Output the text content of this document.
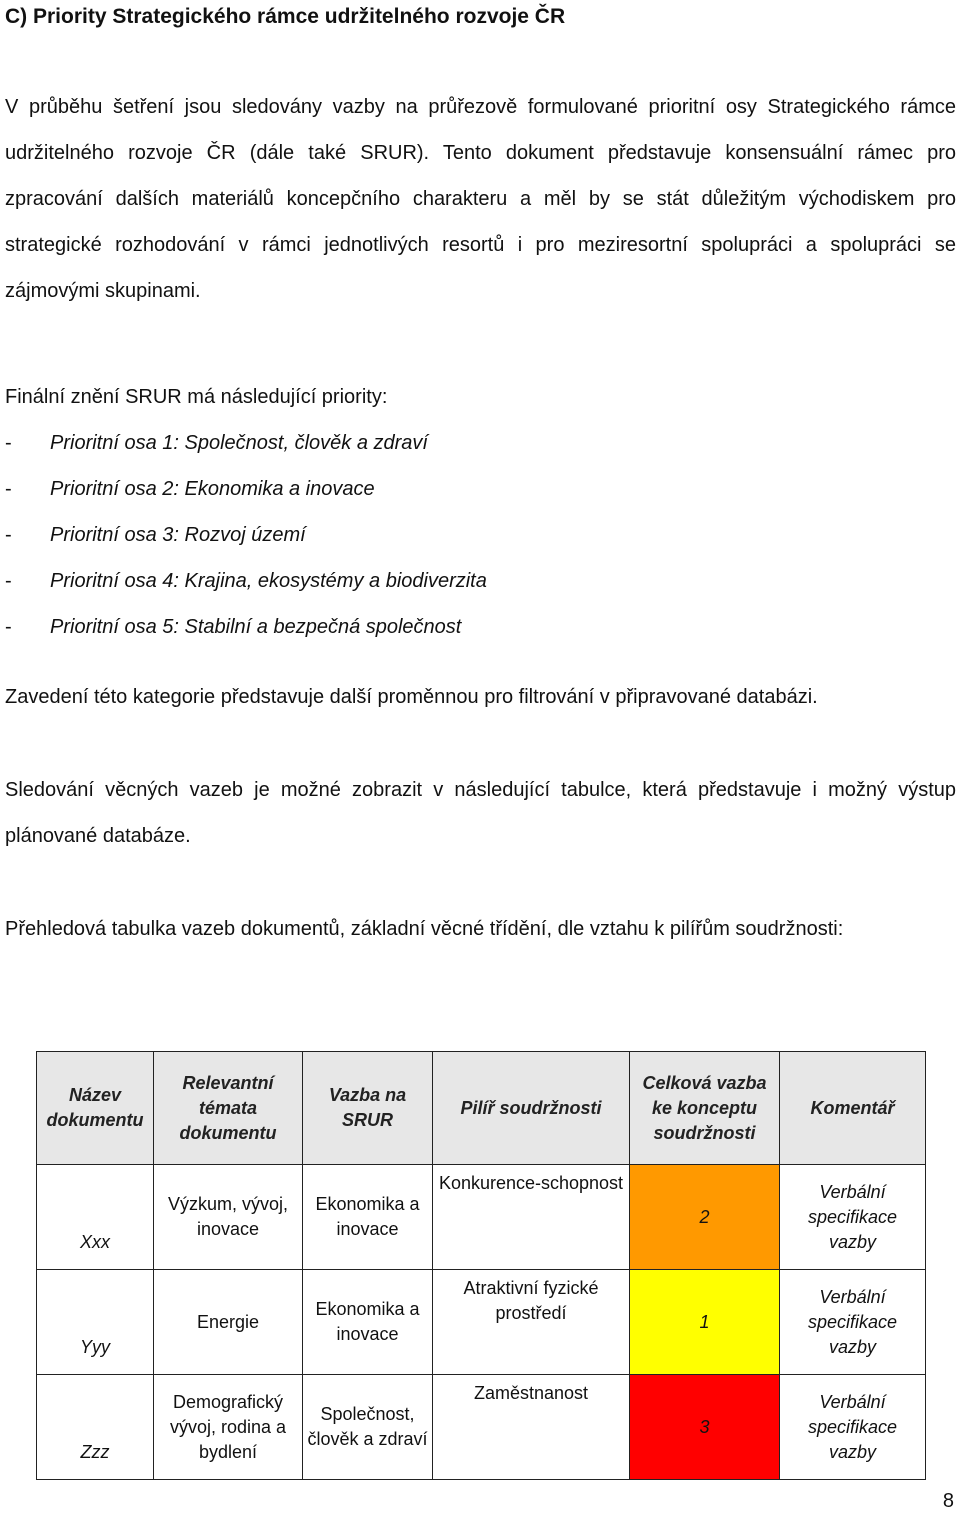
C) Priority Strategického rámce udržitelného rozvoje ČR

V průběhu šetření jsou sledovány vazby na průřezově formulované prioritní osy Strategického rámce udržitelného rozvoje ČR (dále také SRUR). Tento dokument představuje konsensuální rámec pro zpracování dalších materiálů koncepčního charakteru a měl by se stát důležitým východiskem pro strategické rozhodování v rámci jednotlivých resortů i pro meziresortní spolupráci a spolupráci se zájmovými skupinami.

Finální znění SRUR má následující priority:

- Prioritní osa 1: Společnost, člověk a zdraví
- Prioritní osa 2: Ekonomika a inovace
- Prioritní osa 3: Rozvoj území
- Prioritní osa 4: Krajina, ekosystémy a biodiverzita
- Prioritní osa 5: Stabilní a bezpečná společnost

Zavedení této kategorie představuje další proměnnou pro filtrování v připravované databázi.

Sledování věcných vazeb je možné zobrazit v následující tabulce, která představuje i možný výstup plánované databáze.

Přehledová tabulka vazeb dokumentů, základní věcné třídění, dle vztahu k pilířům soudržnosti:

Název dokumentu	Relevantní témata dokumentu	Vazba na SRUR	Pilíř soudržnosti	Celková vazba ke konceptu soudržnosti	Komentář
Xxx	Výzkum, vývoj, inovace	Ekonomika a inovace	Konkurence-schopnost	2	Verbální specifikace vazby
Yyy	Energie	Ekonomika a inovace	Atraktivní fyzické prostředí	1	Verbální specifikace vazby
Zzz	Demografický vývoj, rodina a bydlení	Společnost, člověk a zdraví	Zaměstnanost	3	Verbální specifikace vazby
8
